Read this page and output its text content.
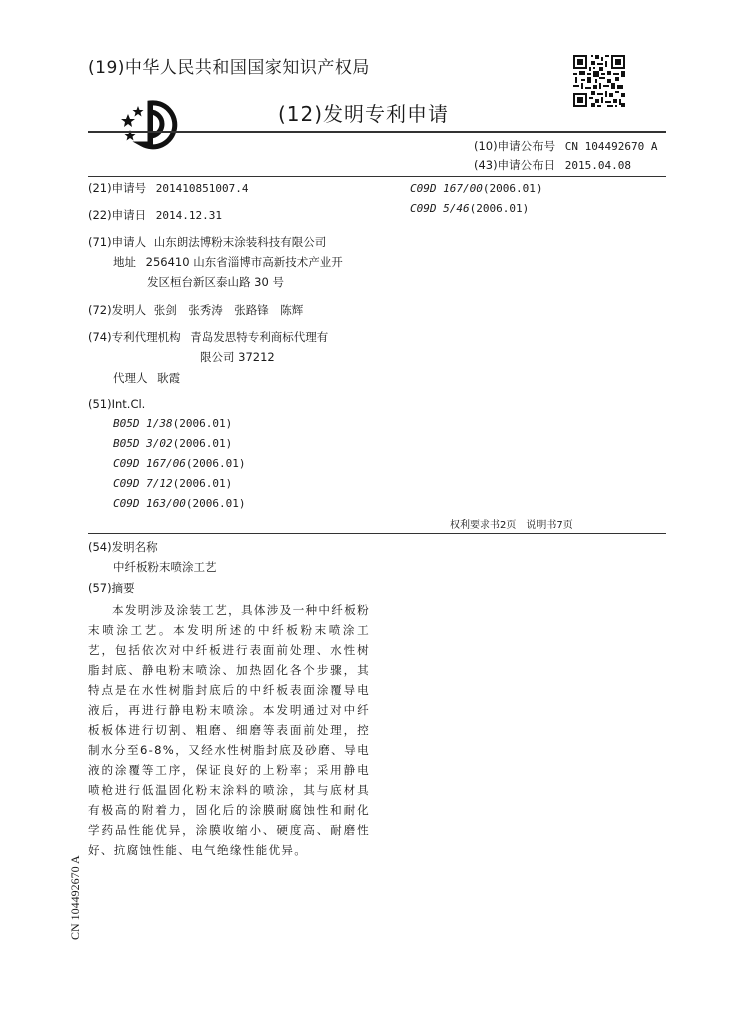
(19)中华人民共和国国家知识产权局
(12)发明专利申请
(10)申请公布号 CN 104492670 A
(43)申请公布日 2015.04.08
(21)申请号 201410851007.4
(22)申请日 2014.12.31
(71)申请人 山东朗法博粉末涂装科技有限公司
地址 256410 山东省淄博市高新技术产业开
发区桓台新区泰山路 30 号
(72)发明人 张剑　张秀涛　张路锋　陈辉
(74)专利代理机构 青岛发思特专利商标代理有
限公司 37212
代理人 耿霞
(51)Int.Cl.
B05D 1/38(2006.01)
B05D 3/02(2006.01)
C09D 167/06(2006.01)
C09D 7/12(2006.01)
C09D 163/00(2006.01)
C09D 167/00(2006.01)
C09D 5/46(2006.01)
权利要求书2页　说明书7页
(54)发明名称
中纤板粉末喷涂工艺
(57)摘要

本发明涉及涂装工艺，具体涉及一种中纤板粉末喷涂工艺。本发明所述的中纤板粉末喷涂工艺，包括依次对中纤板进行表面前处理、水性树脂封底、静电粉末喷涂、加热固化各个步骤，其特点是在水性树脂封底后的中纤板表面涂覆导电液后，再进行静电粉末喷涂。本发明通过对中纤板板体进行切割、粗磨、细磨等表面前处理，控制水分至6-8%，又经水性树脂封底及砂磨、导电液的涂覆等工序，保证良好的上粉率；采用静电喷枪进行低温固化粉末涂料的喷涂，其与底材具有极高的附着力，固化后的涂膜耐腐蚀性和耐化学药品性能优异，涂膜收缩小、硬度高、耐磨性好、抗腐蚀性能、电气绝缘性能优异。

CN 104492670 A
